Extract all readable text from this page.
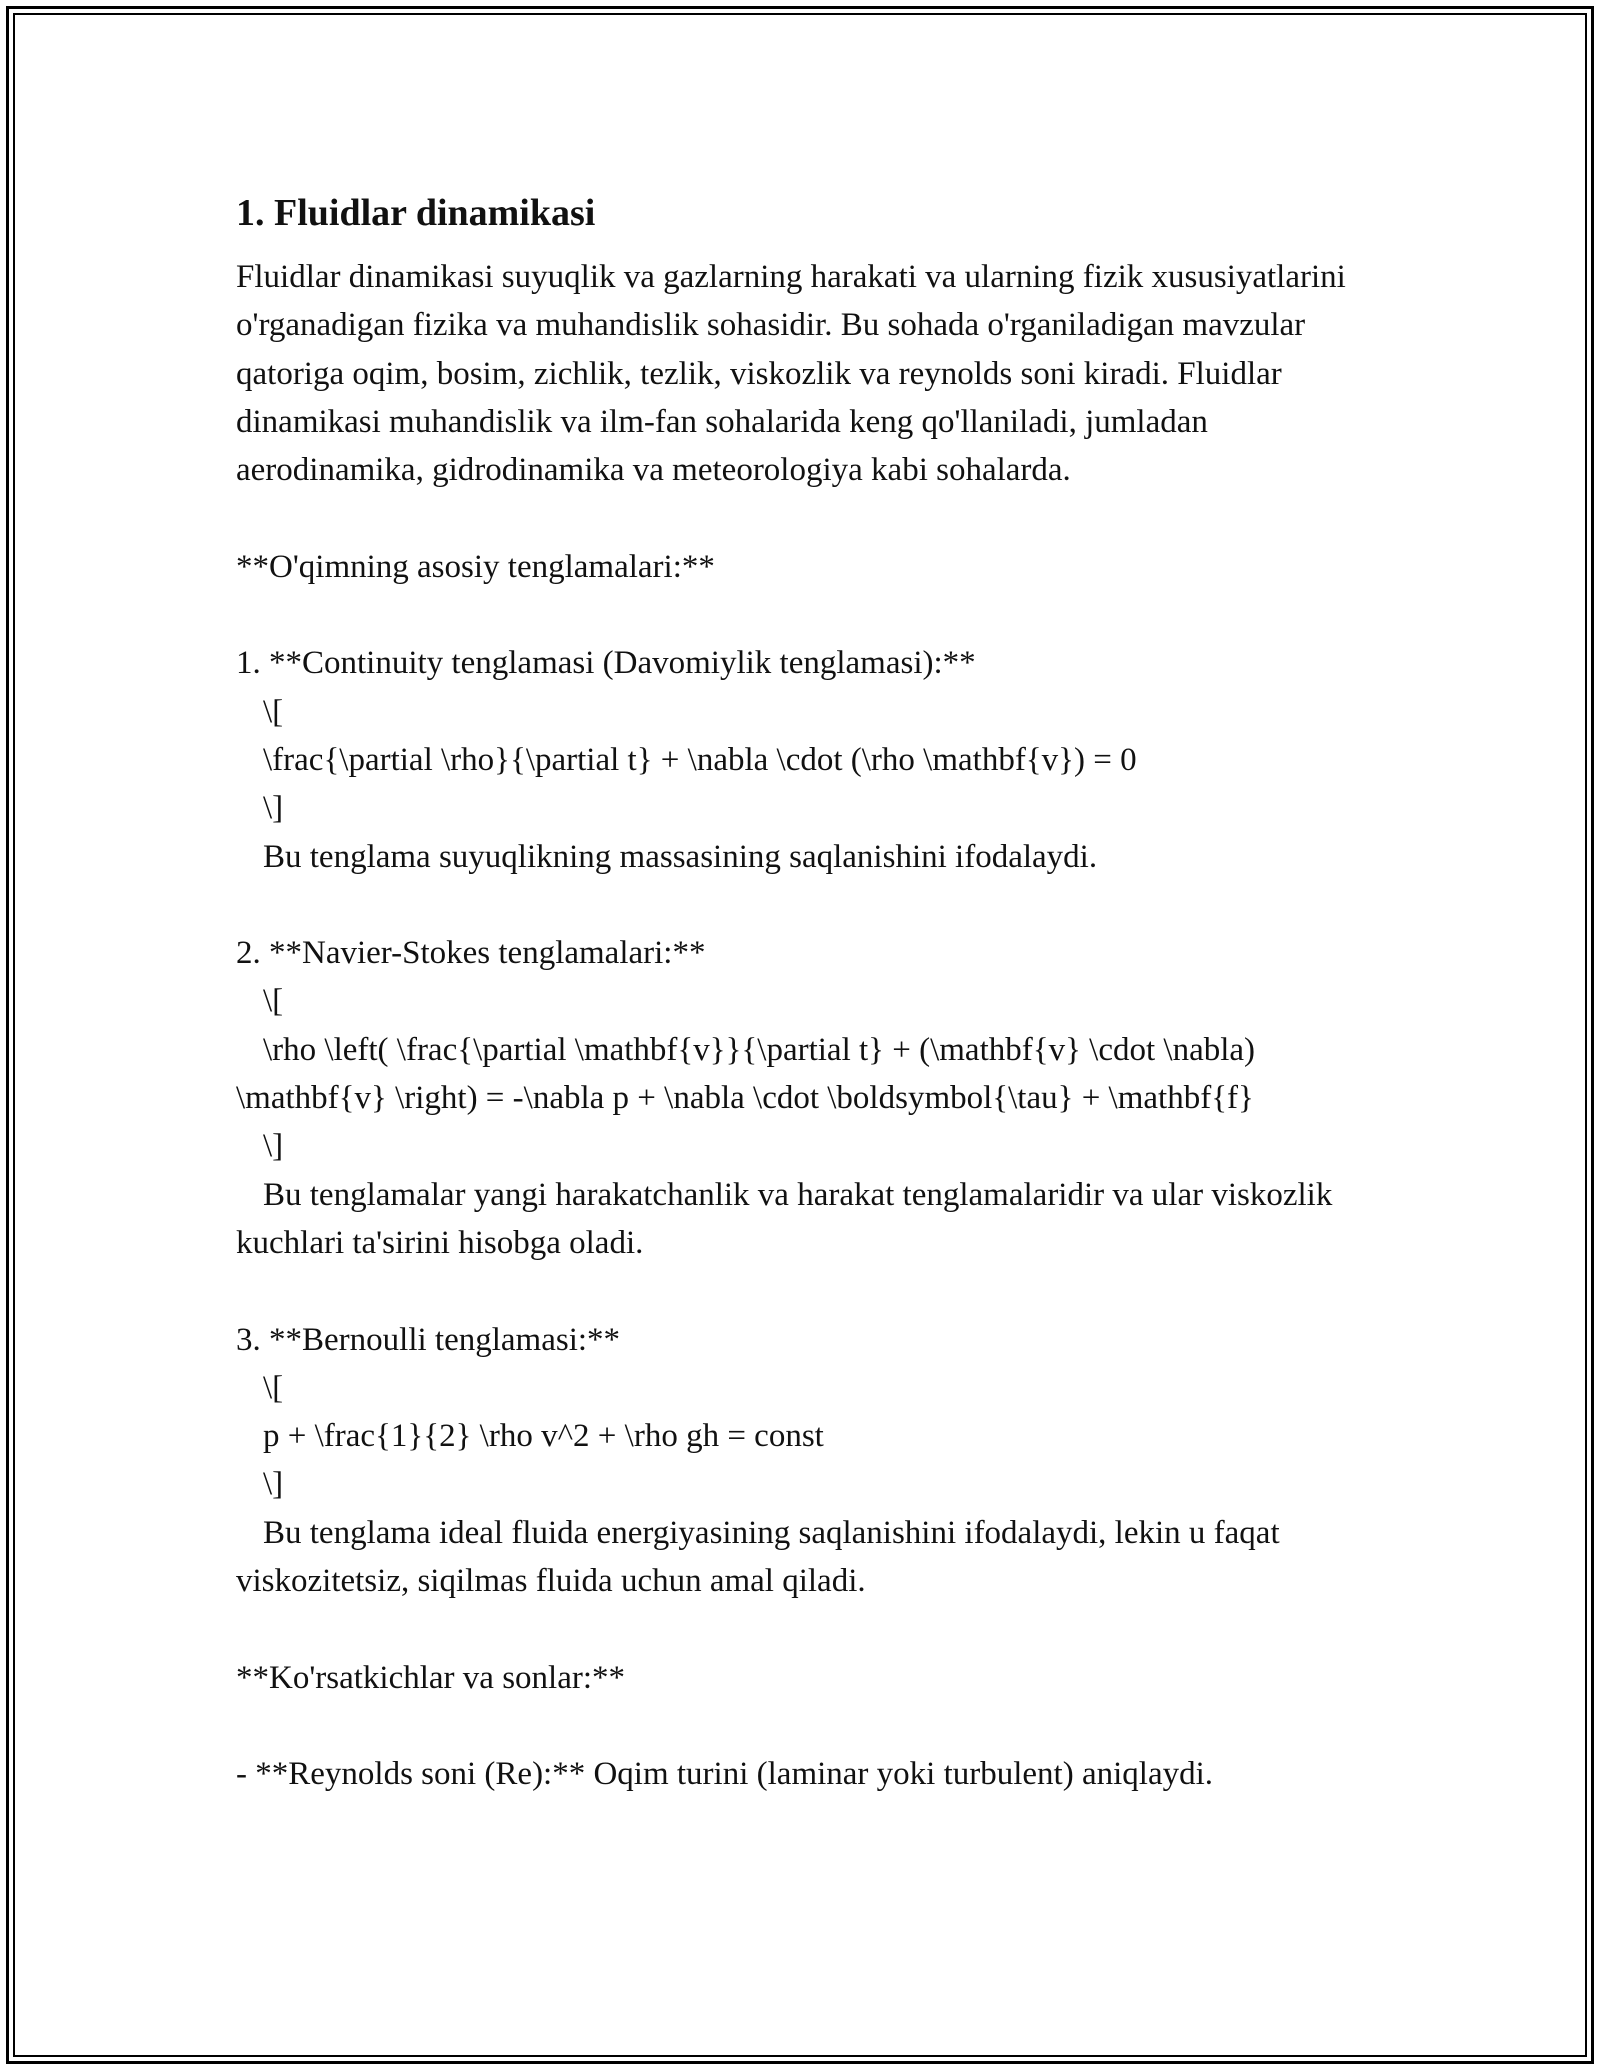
1. Fluidlar dinamikasi

Fluidlar dinamikasi suyuqlik va gazlarning harakati va ularning fizik xususiyatlarini o'rganadigan fizika va muhandislik sohasidir. Bu sohada o'rganiladigan mavzular qatoriga oqim, bosim, zichlik, tezlik, viskozlik va reynolds soni kiradi. Fluidlar dinamikasi muhandislik va ilm-fan sohalarida keng qo'llaniladi, jumladan aerodinamika, gidrodinamika va meteorologiya kabi sohalarda.

**O'qimning asosiy tenglamalari:**
1. **Continuity tenglamasi (Davomiylik tenglamasi):**
\[
\frac{\partial \rho}{\partial t} + \nabla \cdot (\rho \mathbf{v}) = 0
\]
Bu tenglama suyuqlikning massasining saqlanishini ifodalaydi.
2. **Navier-Stokes tenglamalari:**
\[
\rho \left( \frac{\partial \mathbf{v}}{\partial t} + (\mathbf{v} \cdot \nabla) \mathbf{v} \right) = -\nabla p + \nabla \cdot \boldsymbol{\tau} + \mathbf{f}
\]
Bu tenglamalar yangi harakatchanlik va harakat tenglamalaridir va ular viskozlik kuchlari ta'sirini hisobga oladi.
3. **Bernoulli tenglamasi:**
\[
p + \frac{1}{2} \rho v^2 + \rho gh = const
\]
Bu tenglama ideal fluida energiyasining saqlanishini ifodalaydi, lekin u faqat viskozitetsiz, siqilmas fluida uchun amal qiladi.
**Ko'rsatkichlar va sonlar:**
- **Reynolds soni (Re):** Oqim turini (laminar yoki turbulent) aniqlaydi.
